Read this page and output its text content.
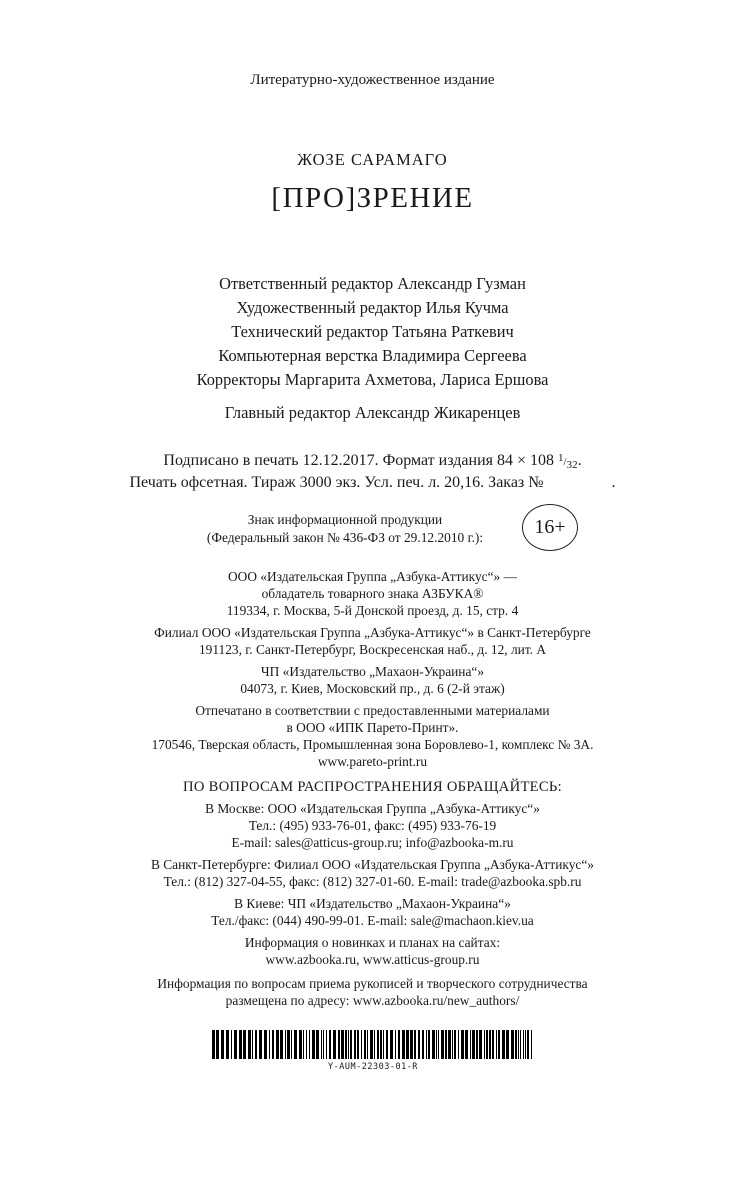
Литературно-художественное издание
ЖОЗЕ САРАМАГО
[ПРО]ЗРЕНИЕ
Ответственный редактор Александр Гузман
Художественный редактор Илья Кучма
Технический редактор Татьяна Раткевич
Компьютерная верстка Владимира Сергеева
Корректоры Маргарита Ахметова, Лариса Ершова
Главный редактор Александр Жикаренцев
Подписано в печать 12.12.2017. Формат издания 84 × 108 $^1/_{32}$.
Печать офсетная. Тираж 3000 экз. Усл. печ. л. 20,16. Заказ №                 .
Знак информационной продукции
(Федеральный закон № 436-ФЗ от 29.12.2010 г.):	16+
ООО «Издательская Группа „Азбука-Аттикус“» —
обладатель товарного знака АЗБУКА®
119334, г. Москва, 5-й Донской проезд, д. 15, стр. 4
Филиал ООО «Издательская Группа „Азбука-Аттикус“» в Санкт-Петербурге
191123, г. Санкт-Петербург, Воскресенская наб., д. 12, лит. А
ЧП «Издательство „Махаон-Украина“»
04073, г. Киев, Московский пр., д. 6 (2-й этаж)
Отпечатано в соответствии с предоставленными материалами
в ООО «ИПК Парето-Принт».
170546, Тверская область, Промышленная зона Боровлево-1, комплекс № 3А.
www.pareto-print.ru
ПО ВОПРОСАМ РАСПРОСТРАНЕНИЯ ОБРАЩАЙТЕСЬ:
В Москве: ООО «Издательская Группа „Азбука-Аттикус“»
Тел.: (495) 933-76-01, факс: (495) 933-76-19
E-mail: sales@atticus-group.ru; info@azbooka-m.ru
В Санкт-Петербурге: Филиал ООО «Издательская Группа „Азбука-Аттикус“»
Тел.: (812) 327-04-55, факс: (812) 327-01-60. E-mail: trade@azbooka.spb.ru
В Киеве: ЧП «Издательство „Махаон-Украина“»
Тел./факс: (044) 490-99-01. E-mail: sale@machaon.kiev.ua
Информация о новинках и планах на сайтах:
www.azbooka.ru, www.atticus-group.ru
Информация по вопросам приема рукописей и творческого сотрудничества
размещена по адресу: www.azbooka.ru/new_authors/
Y-AUM-22303-01-R
